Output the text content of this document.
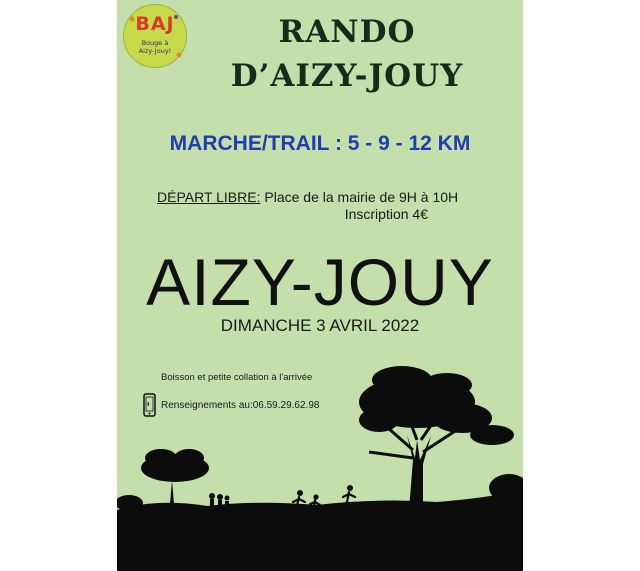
BAJ
Bouge à
Aizy-Jouy!
RANDO
D’AIZY-JOUY
MARCHE/TRAIL : 5 - 9 - 12 KM
DÉPART LIBRE: Place de la mairie de 9H à 10H
Inscription 4€
AIZY-JOUY
DIMANCHE 3 AVRIL 2022
Boisson et petite collation à l'arrivée
Renseignements au:06.59.29.62.98
